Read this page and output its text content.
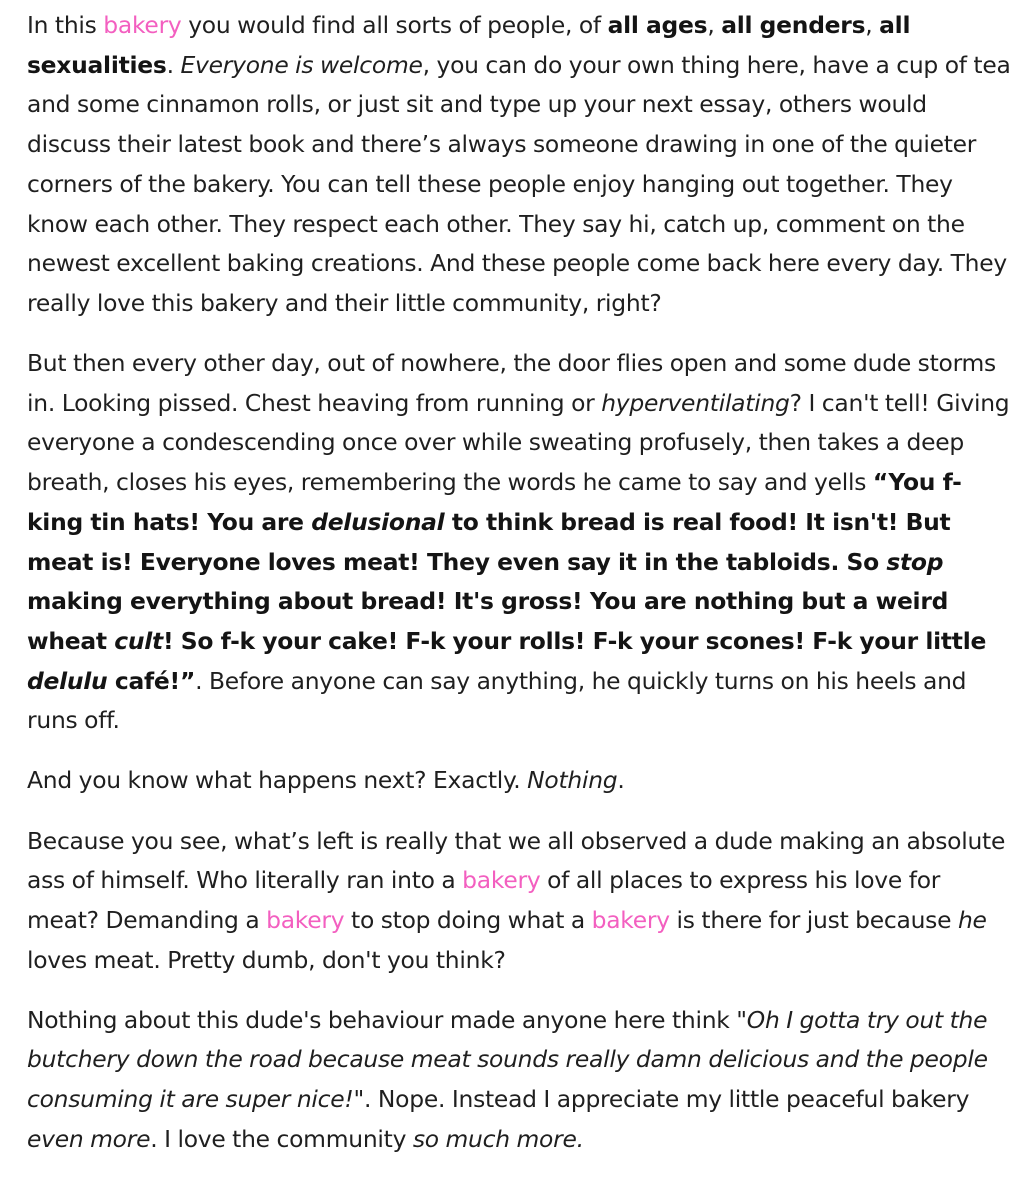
In this bakery you would find all sorts of people, of all ages, all genders, all sexualities. Everyone is welcome, you can do your own thing here, have a cup of tea and some cinnamon rolls, or just sit and type up your next essay, others would discuss their latest book and there’s always someone drawing in one of the quieter corners of the bakery. You can tell these people enjoy hanging out together. They know each other. They respect each other. They say hi, catch up, comment on the newest excellent baking creations. And these people come back here every day. They really love this bakery and their little community, right?

But then every other day, out of nowhere, the door flies open and some dude storms in. Looking pissed. Chest heaving from running or hyperventilating? I can't tell! Giving everyone a condescending once over while sweating profusely, then takes a deep breath, closes his eyes, remembering the words he came to say and yells “You f-king tin hats! You are delusional to think bread is real food! It isn't! But meat is! Everyone loves meat! They even say it in the tabloids. So stop making everything about bread! It's gross! You are nothing but a weird wheat cult! So f-k your cake! F-k your rolls! F-k your scones! F-k your little delulu café!”. Before anyone can say anything, he quickly turns on his heels and runs off.

And you know what happens next? Exactly. Nothing.

Because you see, what’s left is really that we all observed a dude making an absolute ass of himself. Who literally ran into a bakery of all places to express his love for meat? Demanding a bakery to stop doing what a bakery is there for just because he loves meat. Pretty dumb, don't you think?

Nothing about this dude's behaviour made anyone here think "Oh I gotta try out the butchery down the road because meat sounds really damn delicious and the people consuming it are super nice!". Nope. Instead I appreciate my little peaceful bakery even more. I love the community so much more.
